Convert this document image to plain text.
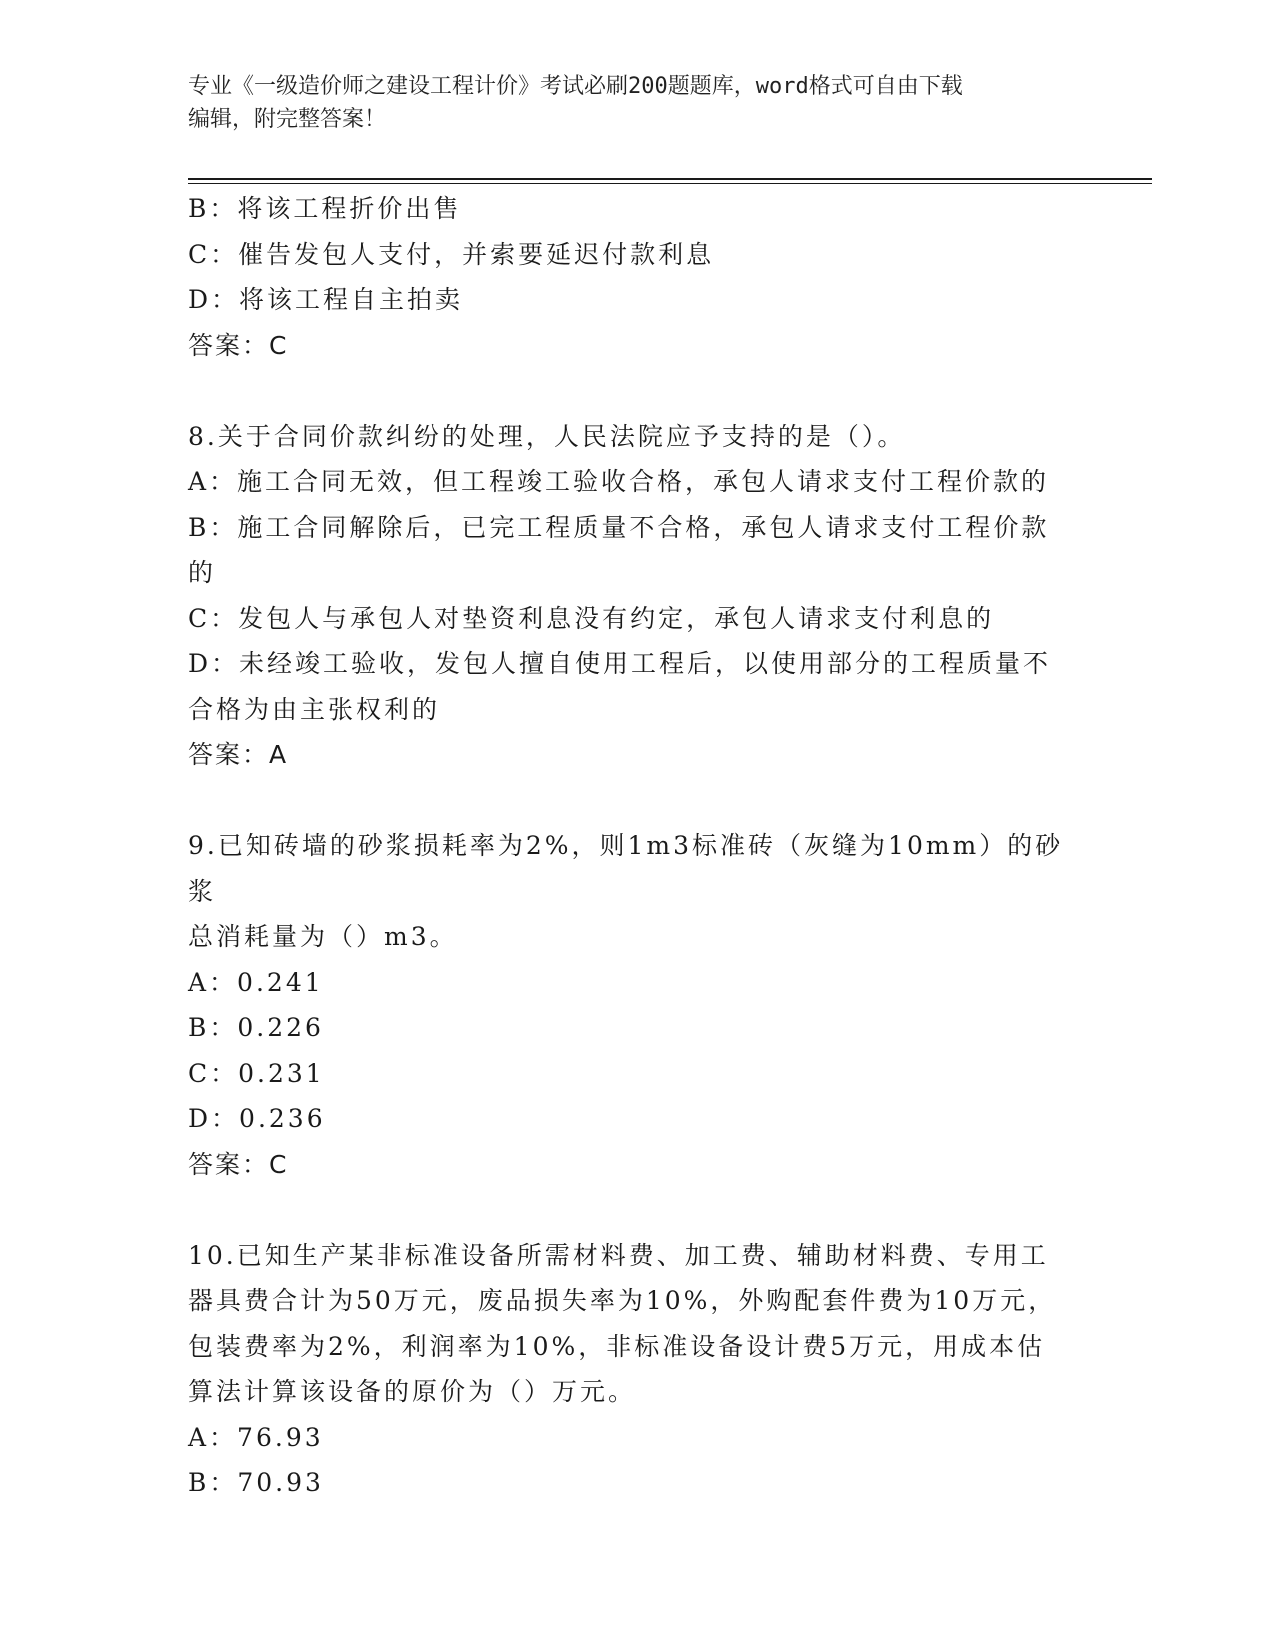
专业《一级造价师之建设工程计价》考试必刷200题题库，word格式可自由下载
编辑，附完整答案！

B：将该工程折价出售

C：催告发包人支付，并索要延迟付款利息

D：将该工程自主拍卖

答案：C

8.关于合同价款纠纷的处理，人民法院应予支持的是（）。

A：施工合同无效，但工程竣工验收合格，承包人请求支付工程价款的

B：施工合同解除后，已完工程质量不合格，承包人请求支付工程价款

的

C：发包人与承包人对垫资利息没有约定，承包人请求支付利息的

D：未经竣工验收，发包人擅自使用工程后，以使用部分的工程质量不

合格为由主张权利的

答案：A

9.已知砖墙的砂浆损耗率为2%，则1m3标准砖（灰缝为10mm）的砂浆

总消耗量为（）m3。

A：0.241

B：0.226

C：0.231

D：0.236

答案：C

10.已知生产某非标准设备所需材料费、加工费、辅助材料费、专用工

器具费合计为50万元，废品损失率为10%，外购配套件费为10万元，

包装费率为2%，利润率为10%，非标准设备设计费5万元，用成本估

算法计算该设备的原价为（）万元。

A：76.93

B：70.93
